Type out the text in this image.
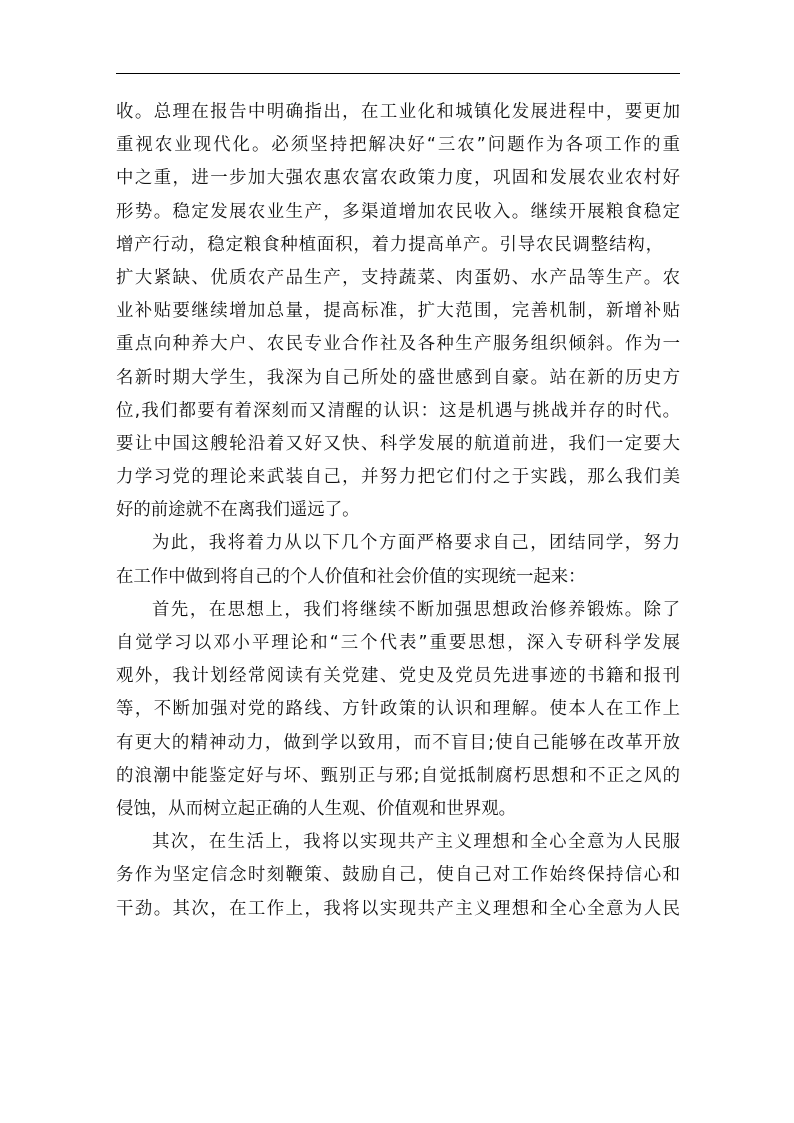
收。总理在报告中明确指出，在工业化和城镇化发展进程中，要更加
重视农业现代化。必须坚持把解决好“三农”问题作为各项工作的重
中之重，进一步加大强农惠农富农政策力度，巩固和发展农业农村好
形势。稳定发展农业生产，多渠道增加农民收入。继续开展粮食稳定
增产行动，稳定粮食种植面积，着力提高单产。引导农民调整结构，
扩大紧缺、优质农产品生产，支持蔬菜、肉蛋奶、水产品等生产。农
业补贴要继续增加总量，提高标准，扩大范围，完善机制，新增补贴
重点向种养大户、农民专业合作社及各种生产服务组织倾斜。作为一
名新时期大学生，我深为自己所处的盛世感到自豪。站在新的历史方
位,我们都要有着深刻而又清醒的认识：这是机遇与挑战并存的时代。
要让中国这艘轮沿着又好又快、科学发展的航道前进，我们一定要大
力学习党的理论来武装自己，并努力把它们付之于实践，那么我们美
好的前途就不在离我们遥远了。
为此，我将着力从以下几个方面严格要求自己，团结同学，努力
在工作中做到将自己的个人价值和社会价值的实现统一起来：
首先，在思想上，我们将继续不断加强思想政治修养锻炼。除了
自觉学习以邓小平理论和“三个代表”重要思想，深入专研科学发展
观外，我计划经常阅读有关党建、党史及党员先进事迹的书籍和报刊
等，不断加强对党的路线、方针政策的认识和理解。使本人在工作上
有更大的精神动力，做到学以致用，而不盲目;使自己能够在改革开放
的浪潮中能鉴定好与坏、甄别正与邪;自觉抵制腐朽思想和不正之风的
侵蚀，从而树立起正确的人生观、价值观和世界观。
其次，在生活上，我将以实现共产主义理想和全心全意为人民服
务作为坚定信念时刻鞭策、鼓励自己，使自己对工作始终保持信心和
干劲。其次，在工作上，我将以实现共产主义理想和全心全意为人民
